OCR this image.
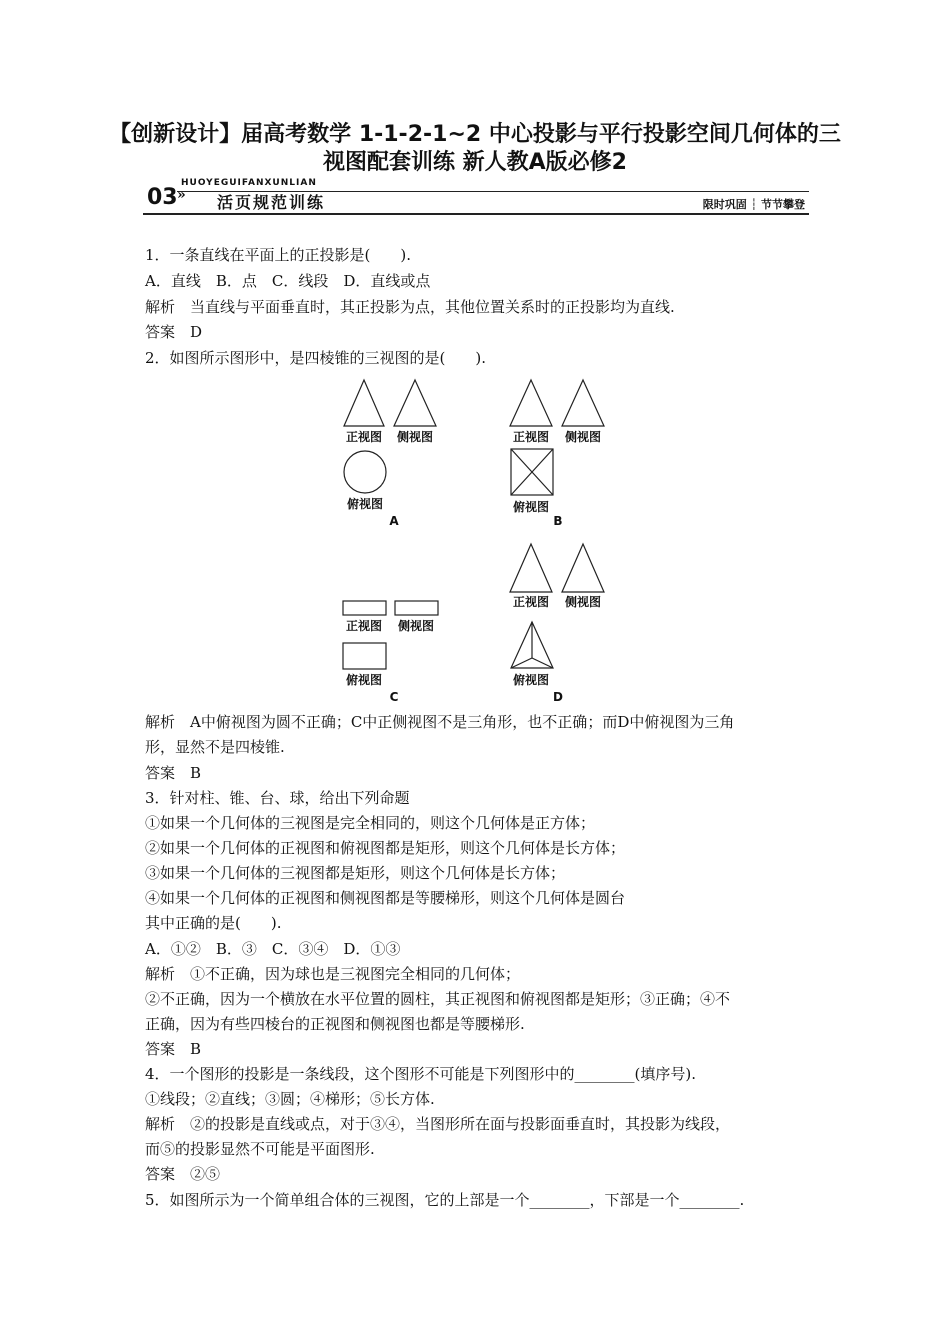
【创新设计】届高考数学 1-1-2-1~2 中心投影与平行投影空间几何体的三视图配套训练 新人教A版必修2
HUOYEGUIFANXUNLIAN
03 » 活页规范训练	限时巩固 ┆ 节节攀登
1．一条直线在平面上的正投影是(　　).
A．直线　B．点　C．线段　D．直线或点
解析　当直线与平面垂直时，其正投影为点，其他位置关系时的正投影均为直线.
答案　D
2．如图所示图形中，是四棱锥的三视图的是(　　).
正视图 侧视图
俯视图
A
正视图 侧视图
俯视图
B
正视图 侧视图
俯视图
C
正视图 侧视图
俯视图
D
解析　A中俯视图为圆不正确；C中正侧视图不是三角形，也不正确；而D中俯视图为三角
形，显然不是四棱锥.
答案　B
3．针对柱、锥、台、球，给出下列命题
①如果一个几何体的三视图是完全相同的，则这个几何体是正方体；
②如果一个几何体的正视图和俯视图都是矩形，则这个几何体是长方体；
③如果一个几何体的三视图都是矩形，则这个几何体是长方体；
④如果一个几何体的正视图和侧视图都是等腰梯形，则这个几何体是圆台
其中正确的是(　　).
A．①②　B．③　C．③④　D．①③
解析　①不正确，因为球也是三视图完全相同的几何体；
②不正确，因为一个横放在水平位置的圆柱，其正视图和俯视图都是矩形；③正确；④不
正确，因为有些四棱台的正视图和侧视图也都是等腰梯形.
答案　B
4．一个图形的投影是一条线段，这个图形不可能是下列图形中的________(填序号).
①线段；②直线；③圆；④梯形；⑤长方体.
解析　②的投影是直线或点，对于③④，当图形所在面与投影面垂直时，其投影为线段，
而⑤的投影显然不可能是平面图形.
答案　②⑤
5．如图所示为一个简单组合体的三视图，它的上部是一个________，下部是一个________.
